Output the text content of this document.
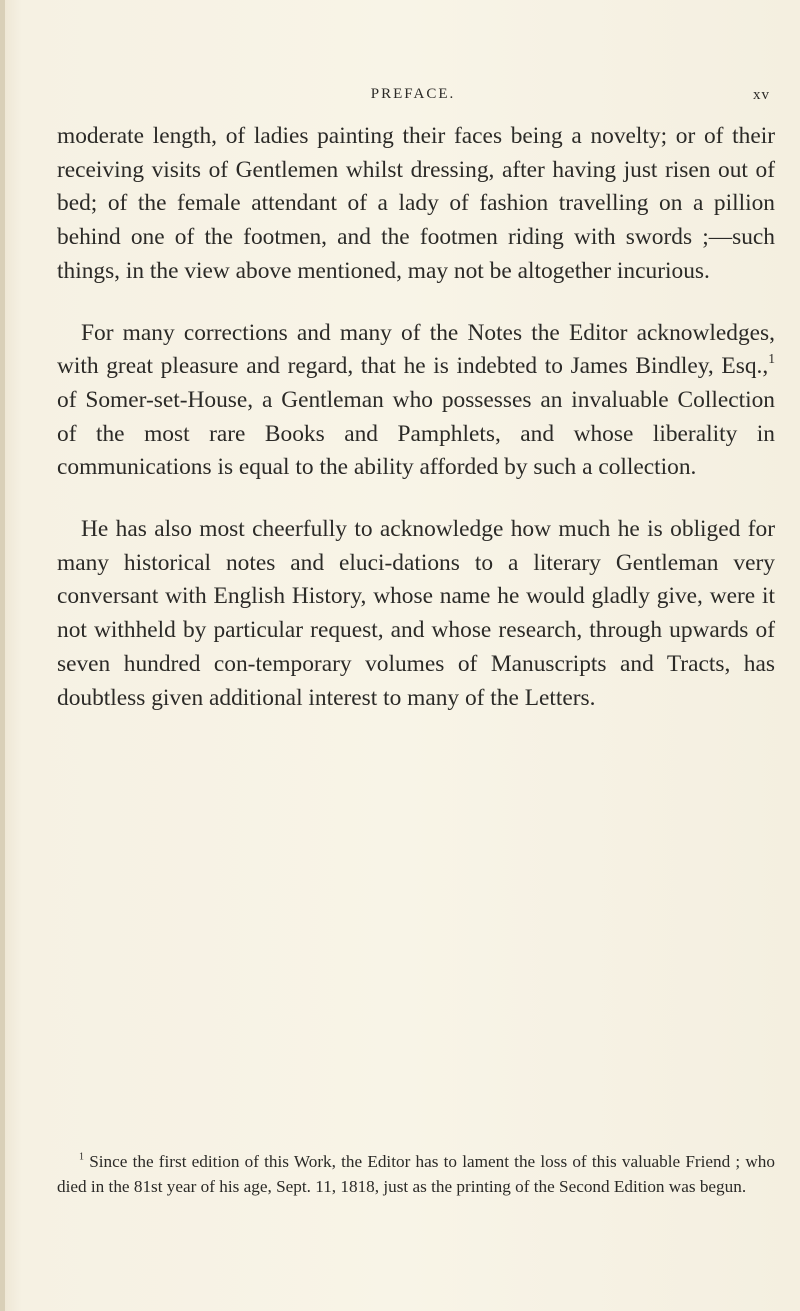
PREFACE.	xv

moderate length, of ladies painting their faces being a novelty; or of their receiving visits of Gentlemen whilst dressing, after having just risen out of bed; of the female attendant of a lady of fashion travelling on a pillion behind one of the footmen, and the footmen riding with swords ;—such things, in the view above mentioned, may not be altogether incurious.

For many corrections and many of the Notes the Editor acknowledges, with great pleasure and regard, that he is indebted to James Bindley, Esq.,$^1$ of Somer-set-House, a Gentleman who possesses an invaluable Collection of the most rare Books and Pamphlets, and whose liberality in communications is equal to the ability afforded by such a collection.

He has also most cheerfully to acknowledge how much he is obliged for many historical notes and eluci-dations to a literary Gentleman very conversant with English History, whose name he would gladly give, were it not withheld by particular request, and whose research, through upwards of seven hundred con-temporary volumes of Manuscripts and Tracts, has doubtless given additional interest to many of the Letters.

$^1$ Since the first edition of this Work, the Editor has to lament the loss of this valuable Friend ; who died in the 81st year of his age, Sept. 11, 1818, just as the printing of the Second Edition was begun.
